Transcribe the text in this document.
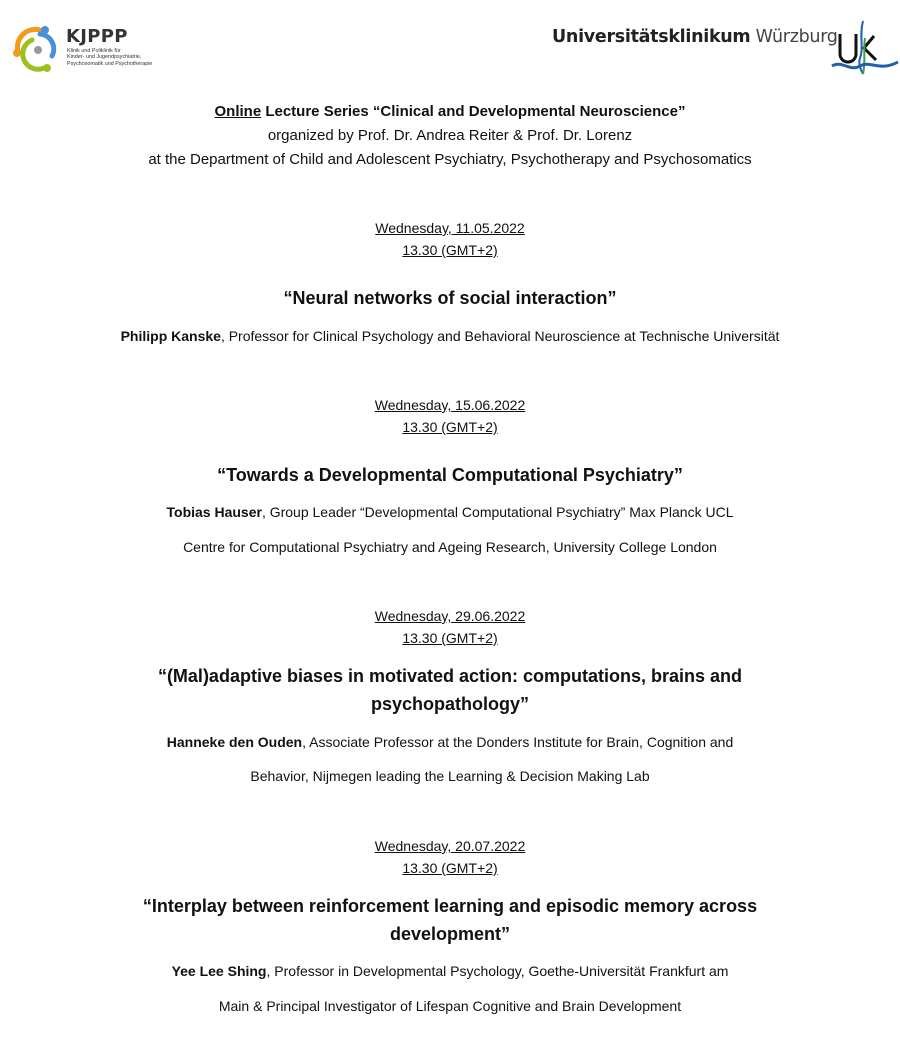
KJPPP
Klinik und Poliklinik für
Kinder- und Jugendpsychiatrie,
Psychosomatik und Psychotherapie
Universitätsklinikum Würzburg
Online Lecture Series “Clinical and Developmental Neuroscience”
organized by Prof. Dr. Andrea Reiter & Prof. Dr. Lorenz
at the Department of Child and Adolescent Psychiatry, Psychotherapy and Psychosomatics
Wednesday, 11.05.2022
13.30 (GMT+2)
“Neural networks of social interaction”
Philipp Kanske, Professor for Clinical Psychology and Behavioral Neuroscience at Technische Universität
Wednesday, 15.06.2022
13.30 (GMT+2)
“Towards a Developmental Computational Psychiatry”
Tobias Hauser, Group Leader “Developmental Computational Psychiatry” Max Planck UCL
Centre for Computational Psychiatry and Ageing Research, University College London
Wednesday, 29.06.2022
13.30 (GMT+2)
“(Mal)adaptive biases in motivated action: computations, brains and
psychopathology”
Hanneke den Ouden, Associate Professor at the Donders Institute for Brain, Cognition and
Behavior, Nijmegen leading the Learning & Decision Making Lab
Wednesday, 20.07.2022
13.30 (GMT+2)
“Interplay between reinforcement learning and episodic memory across
development”
Yee Lee Shing, Professor in Developmental Psychology, Goethe-Universität Frankfurt am
Main & Principal Investigator of Lifespan Cognitive and Brain Development
